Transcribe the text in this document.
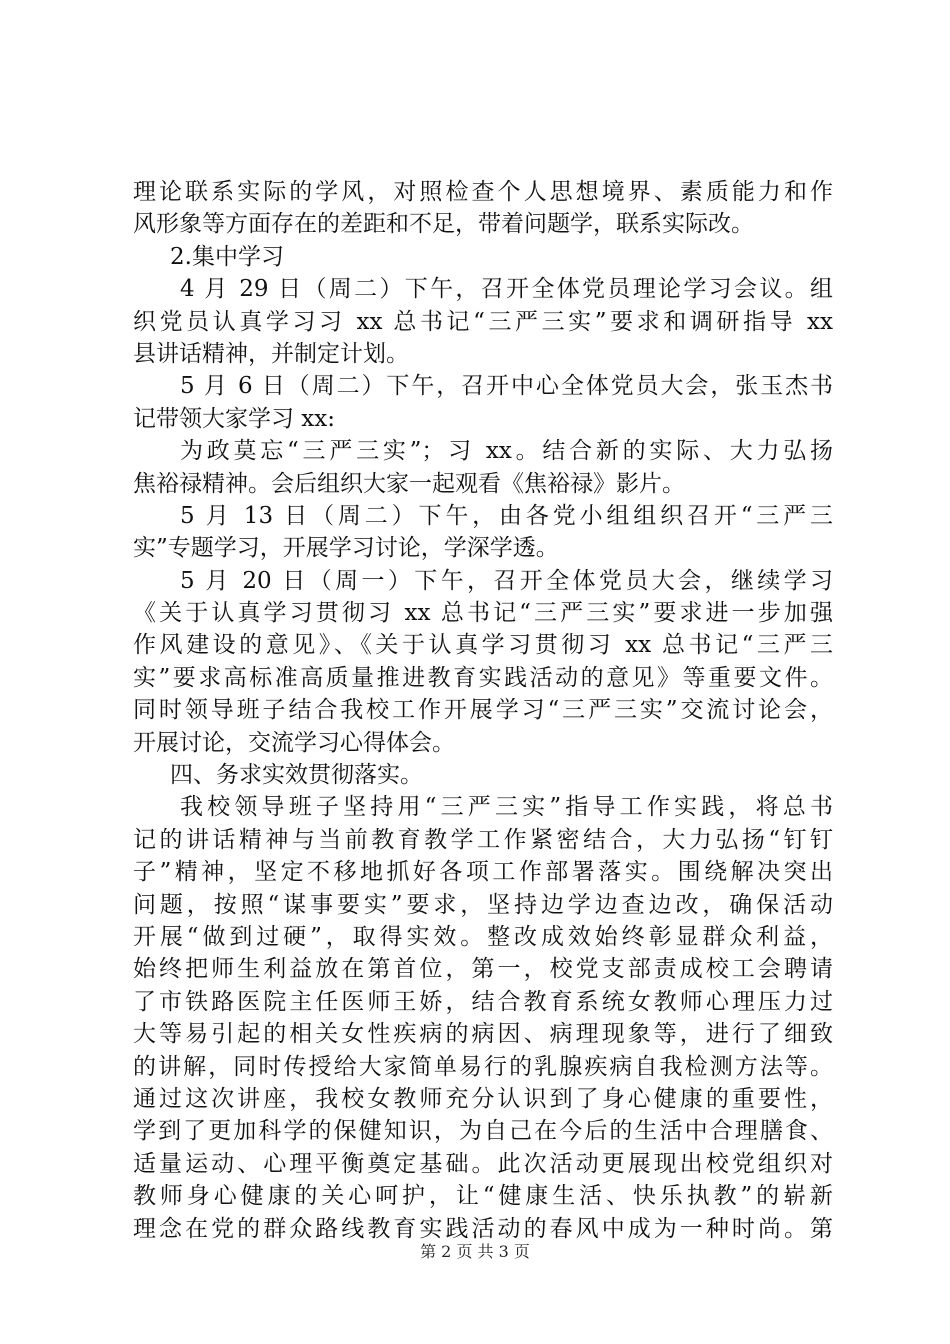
理论联系实际的学风，对照检查个人思想境界、素质能力和作
风形象等方面存在的差距和不足，带着问题学，联系实际改。
2.集中学习
4 月 29 日（周二）下午，召开全体党员理论学习会议。组
织党员认真学习习 xx 总书记“三严三实”要求和调研指导 xx
县讲话精神，并制定计划。
5 月 6 日（周二）下午，召开中心全体党员大会，张玉杰书
记带领大家学习 xx:
为政莫忘“三严三实”；习 xx。结合新的实际、大力弘扬
焦裕禄精神。会后组织大家一起观看《焦裕禄》影片。
5 月 13 日（周二）下午，由各党小组组织召开“三严三
实”专题学习，开展学习讨论，学深学透。
5 月 20 日（周一）下午，召开全体党员大会，继续学习
《关于认真学习贯彻习 xx 总书记“三严三实”要求进一步加强
作风建设的意见》、《关于认真学习贯彻习 xx 总书记“三严三
实”要求高标准高质量推进教育实践活动的意见》等重要文件。
同时领导班子结合我校工作开展学习“三严三实”交流讨论会，
开展讨论，交流学习心得体会。
四、务求实效贯彻落实。
我校领导班子坚持用“三严三实”指导工作实践，将总书
记的讲话精神与当前教育教学工作紧密结合，大力弘扬“钉钉
子”精神，坚定不移地抓好各项工作部署落实。围绕解决突出
问题，按照“谋事要实”要求，坚持边学边查边改，确保活动
开展“做到过硬”，取得实效。整改成效始终彰显群众利益，
始终把师生利益放在第首位，第一，校党支部责成校工会聘请
了市铁路医院主任医师王娇，结合教育系统女教师心理压力过
大等易引起的相关女性疾病的病因、病理现象等，进行了细致
的讲解，同时传授给大家简单易行的乳腺疾病自我检测方法等。
通过这次讲座，我校女教师充分认识到了身心健康的重要性，
学到了更加科学的保健知识，为自己在今后的生活中合理膳食、
适量运动、心理平衡奠定基础。此次活动更展现出校党组织对
教师身心健康的关心呵护，让“健康生活、快乐执教”的崭新
理念在党的群众路线教育实践活动的春风中成为一种时尚。第
第 2 页 共 3 页
